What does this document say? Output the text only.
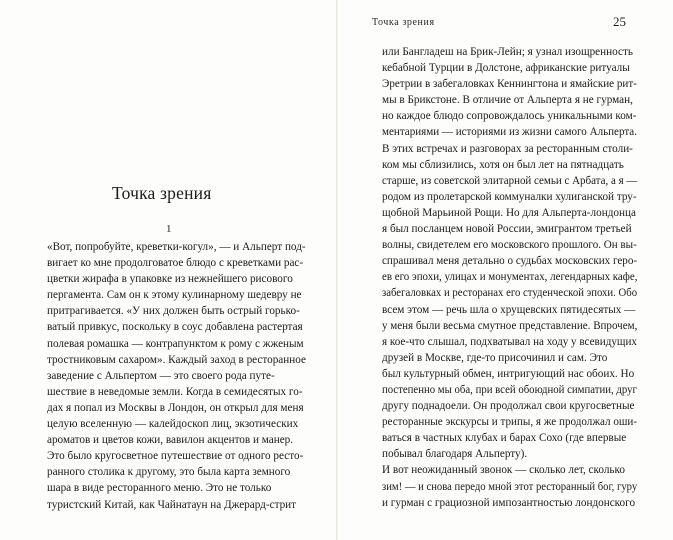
Точка зрения
1
«Вот, попробуйте, креветки-когул», — и Альперт под-
вигает ко мне продолговатое блюдо с креветками рас-
цветки жирафа в упаковке из нежнейшего рисового
пергамента. Сам он к этому кулинарному шедевру не
притрагивается. «У них должен быть острый горько-
ватый привкус, поскольку в соус добавлена растертая
полевая ромашка — контрапунктом к рому с жженым
тростниковым сахаром». Каждый заход в ресторанное
заведение с Альпертом — это своего рода путе-
шествие в неведомые земли. Когда в семидесятых го-
дах я попал из Москвы в Лондон, он открыл для меня
целую вселенную — калейдоскоп лиц, экзотических
ароматов и цветов кожи, вавилон акцентов и манер.
Это было кругосветное путешествие от одного ресто-
ранного столика к другому, это была карта земного
шара в виде ресторанного меню. Это не только
туристский Китай, как Чайнатаун на Джерард-стрит
Точка зрения	25
или Бангладеш на Брик-Лейн; я узнал изощренность
кебабной Турции в Долстоне, африканские ритуалы
Эретрии в забегаловках Кеннингтона и ямайские рит-
мы в Брикстоне. В отличие от Альперта я не гурман,
но каждое блюдо сопровождалось уникальными ком-
ментариями — историями из жизни самого Альперта.
В этих встречах и разговорах за ресторанным столи-
ком мы сблизились, хотя он был лет на пятнадцать
старше, из советской элитарной семьи с Арбата, а я —
родом из пролетарской коммуналки хулиганской тру-
щобной Марьиной Рощи. Но для Альперта-лондонца
я был посланцем новой России, эмигрантом третьей
волны, свидетелем его московского прошлого. Он вы-
спрашивал меня детально о судьбах московских геро-
ев его эпохи, улицах и монументах, легендарных кафе,
забегаловках и ресторанах его студенческой эпохи. Обо
всем этом — речь шла о хрущевских пятидесятых —
у меня были весьма смутное представление. Впрочем,
я кое-что слышал, подхватывал на ходу у всевидущих
друзей в Москве, где-то присочинил и сам. Это
был культурный обмен, интригующий нас обоих. Но
постепенно мы оба, при всей обоюдной симпатии, друг
другу поднадоели. Он продолжал свои кругосветные
ресторанные экскурсы и трипы, я же продолжал оши-
ваться в частных клубах и барах Сохо (где впервые
побывал благодаря Альперту).
И вот неожиданный звонок — сколько лет, сколько
зим! — и снова передо мной этот ресторанный бог, гуру
и гурман с грациозной импозантностью лондонского
